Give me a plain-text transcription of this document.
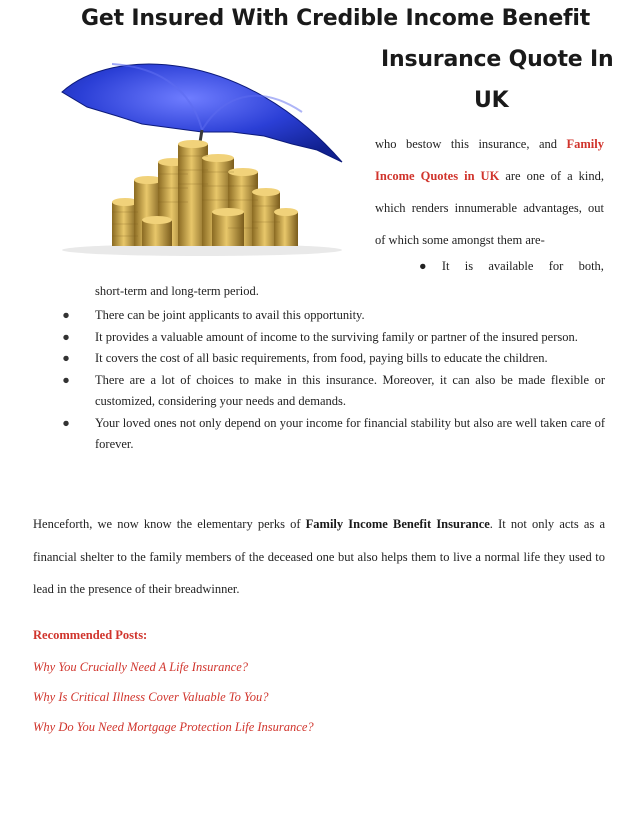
Get Insured With Credible Income Benefit
Insurance Quote In
UK

who bestow this insurance, and Family Income Quotes in UK are one of a kind, which renders innumerable advantages, out of which some amongst them are-

● It is available for both,
short-term and long-term period.
● There can be joint applicants to avail this opportunity.
● It provides a valuable amount of income to the surviving family or partner of the insured person.
● It covers the cost of all basic requirements, from food, paying bills to educate the children.
● There are a lot of choices to make in this insurance. Moreover, it can also be made flexible or customized, considering your needs and demands.
● Your loved ones not only depend on your income for financial stability but also are well taken care of forever.

Henceforth, we now know the elementary perks of Family Income Benefit Insurance. It not only acts as a financial shelter to the family members of the deceased one but also helps them to live a normal life they used to lead in the presence of their breadwinner.

Recommended Posts:
Why You Crucially Need A Life Insurance?
Why Is Critical Illness Cover Valuable To You?
Why Do You Need Mortgage Protection Life Insurance?
